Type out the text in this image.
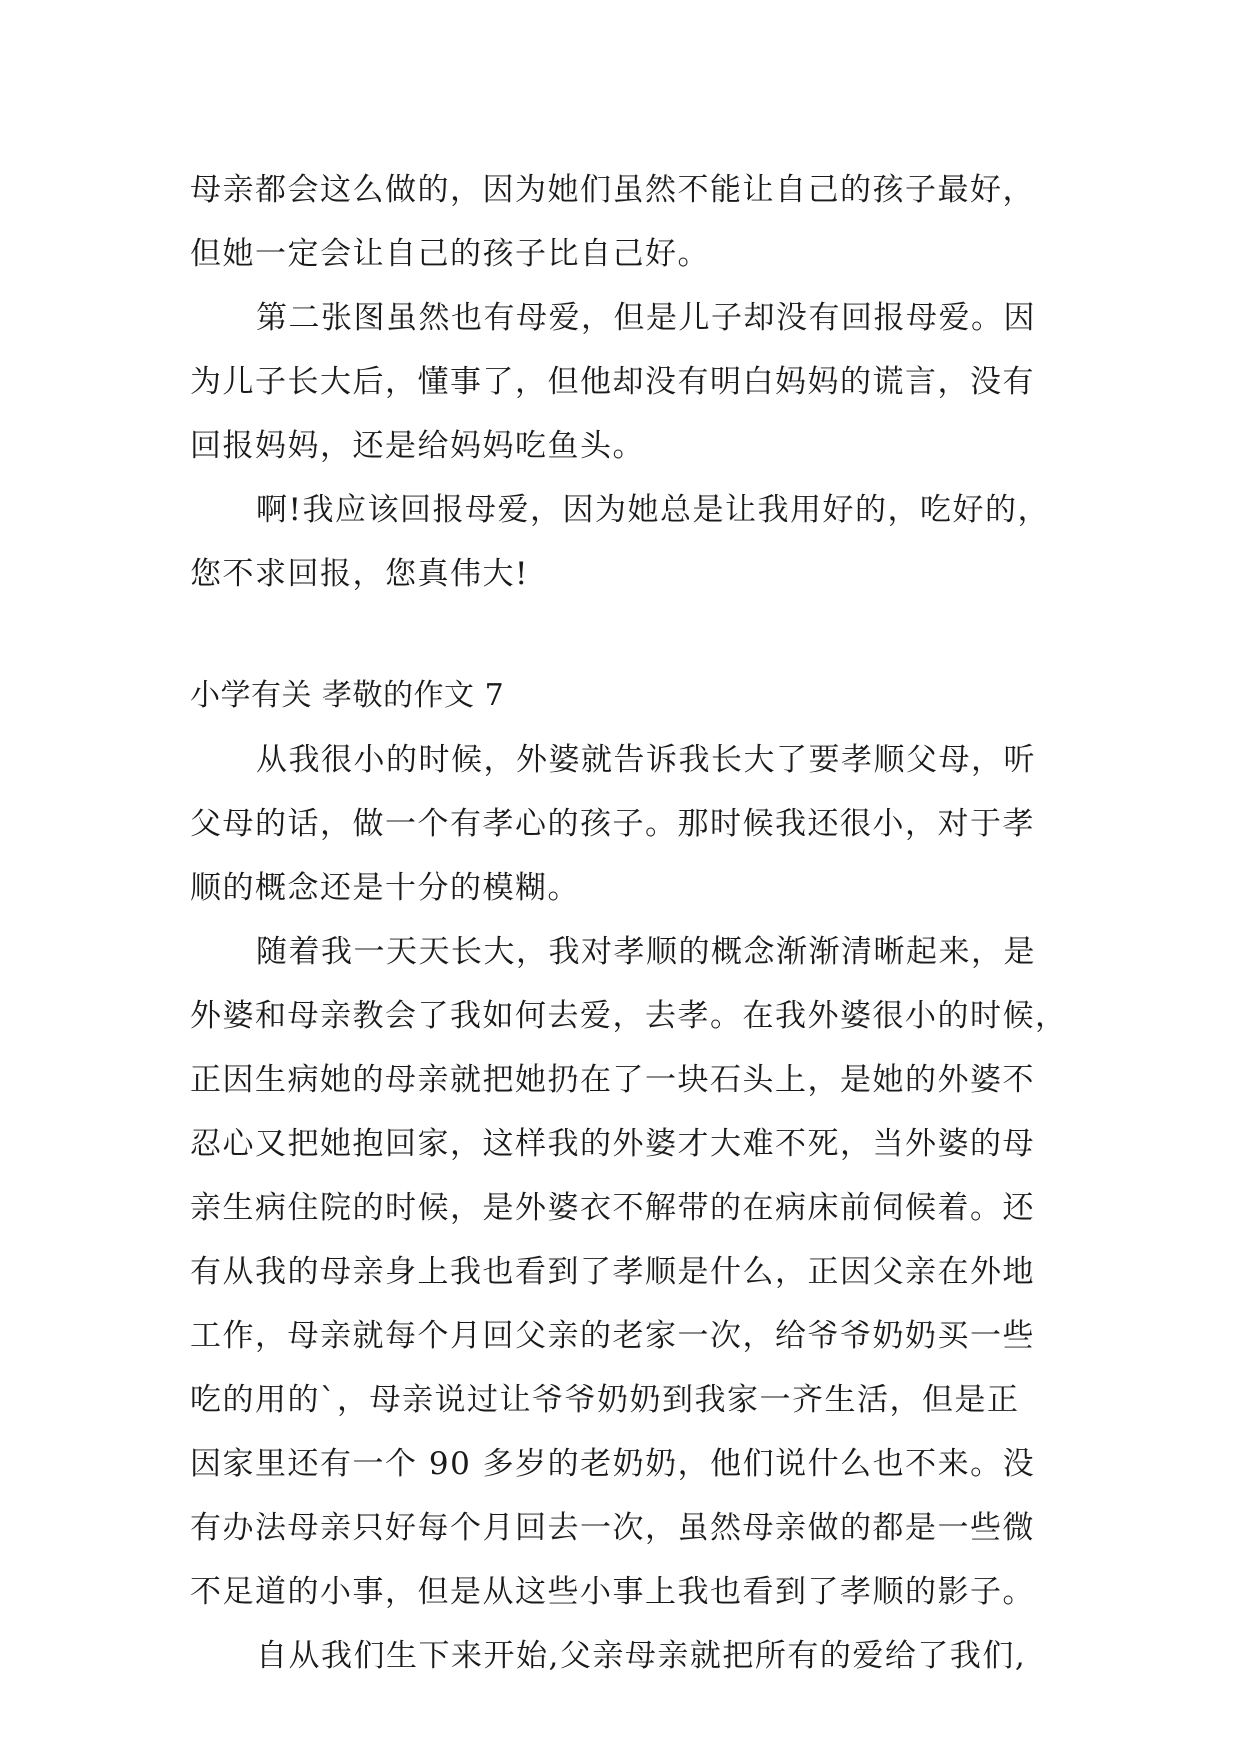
母亲都会这么做的，因为她们虽然不能让自己的孩子最好，
但她一定会让自己的孩子比自己好。
第二张图虽然也有母爱，但是儿子却没有回报母爱。因
为儿子长大后，懂事了，但他却没有明白妈妈的谎言，没有
回报妈妈，还是给妈妈吃鱼头。
啊!我应该回报母爱，因为她总是让我用好的，吃好的，
您不求回报，您真伟大!
小学有关 孝敬的作文 7
从我很小的时候，外婆就告诉我长大了要孝顺父母，听
父母的话，做一个有孝心的孩子。那时候我还很小，对于孝
顺的概念还是十分的模糊。
随着我一天天长大，我对孝顺的概念渐渐清晰起来，是
外婆和母亲教会了我如何去爱，去孝。在我外婆很小的时候，
正因生病她的母亲就把她扔在了一块石头上，是她的外婆不
忍心又把她抱回家，这样我的外婆才大难不死，当外婆的母
亲生病住院的时候，是外婆衣不解带的在病床前伺候着。还
有从我的母亲身上我也看到了孝顺是什么，正因父亲在外地
工作，母亲就每个月回父亲的老家一次，给爷爷奶奶买一些
吃的用的`，母亲说过让爷爷奶奶到我家一齐生活，但是正
因家里还有一个 90 多岁的老奶奶，他们说什么也不来。没
有办法母亲只好每个月回去一次，虽然母亲做的都是一些微
不足道的小事，但是从这些小事上我也看到了孝顺的影子。
自从我们生下来开始,父亲母亲就把所有的爱给了我们,
